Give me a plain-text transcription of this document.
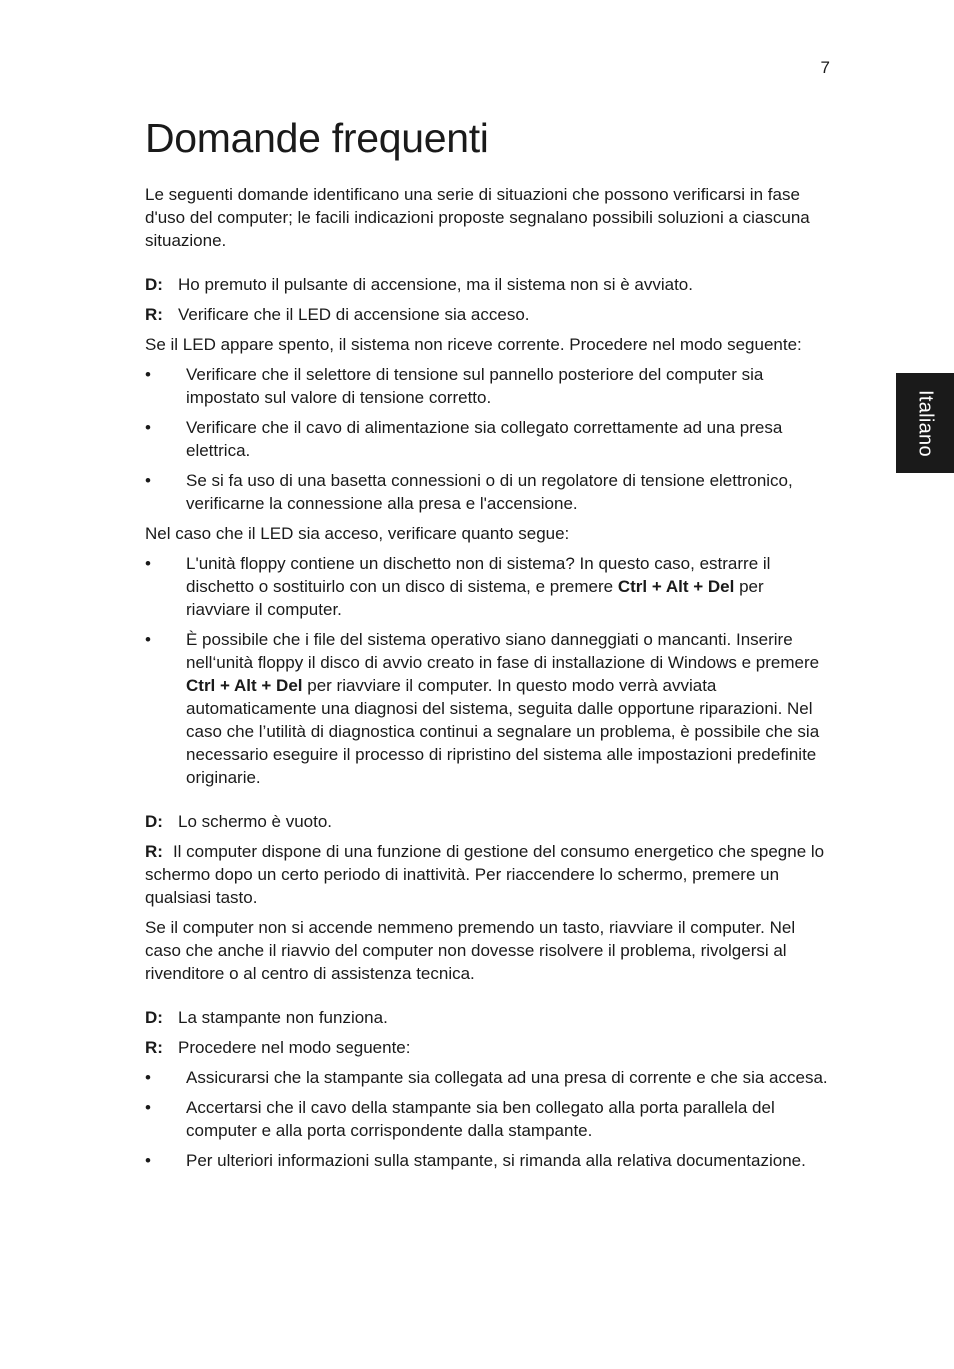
7
Italiano
Domande frequenti

Le seguenti domande identificano una serie di situazioni che possono verificarsi in fase d'uso del computer; le facili indicazioni proposte segnalano possibili soluzioni a ciascuna situazione.

D: Ho premuto il pulsante di accensione, ma il sistema non si è avviato.
R: Verificare che il LED di accensione sia acceso.

Se il LED appare spento, il sistema non riceve corrente. Procedere nel modo seguente:

• Verificare che il selettore di tensione sul pannello posteriore del computer sia impostato sul valore di tensione corretto.
• Verificare che il cavo di alimentazione sia collegato correttamente ad una presa elettrica.
• Se si fa uso di una basetta connessioni o di un regolatore di tensione elettronico, verificarne la connessione alla presa e l'accensione.

Nel caso che il LED sia acceso, verificare quanto segue:

• L'unità floppy contiene un dischetto non di sistema? In questo caso, estrarre il dischetto o sostituirlo con un disco di sistema, e premere Ctrl + Alt + Del per riavviare il computer.
• È possibile che i file del sistema operativo siano danneggiati o mancanti. Inserire nell‘unità floppy il disco di avvio creato in fase di installazione di Windows e premere Ctrl + Alt + Del per riavviare il computer. In questo modo verrà avviata automaticamente una diagnosi del sistema, seguita dalle opportune riparazioni. Nel caso che l’utilità di diagnostica continui a segnalare un problema, è possibile che sia necessario eseguire il processo di ripristino del sistema alle impostazioni predefinite originarie.
D: Lo schermo è vuoto.
R: Il computer dispone di una funzione di gestione del consumo energetico che spegne lo schermo dopo un certo periodo di inattività. Per riaccendere lo schermo, premere un qualsiasi tasto.

Se il computer non si accende nemmeno premendo un tasto, riavviare il computer. Nel caso che anche il riavvio del computer non dovesse risolvere il problema, rivolgersi al rivenditore o al centro di assistenza tecnica.

D: La stampante non funziona.
R: Procedere nel modo seguente:
• Assicurarsi che la stampante sia collegata ad una presa di corrente e che sia accesa.
• Accertarsi che il cavo della stampante sia ben collegato alla porta parallela del computer e alla porta corrispondente dalla stampante.
• Per ulteriori informazioni sulla stampante, si rimanda alla relativa documentazione.
